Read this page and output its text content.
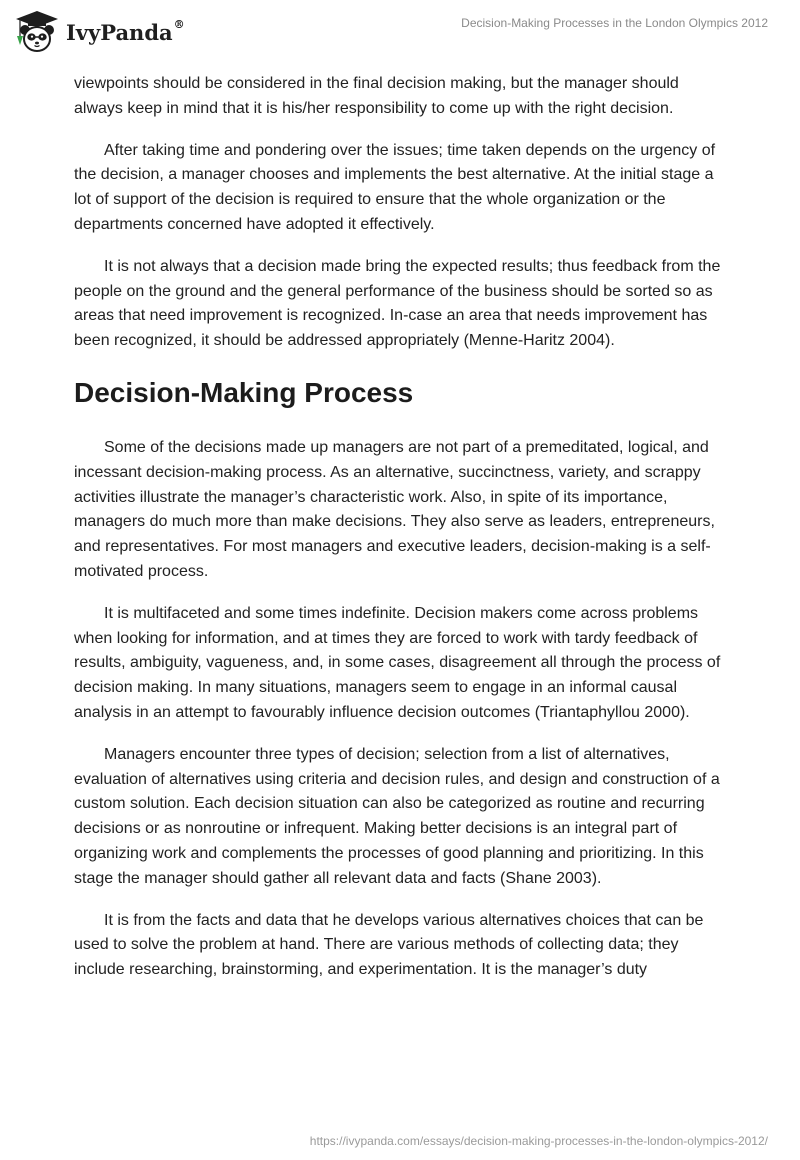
IvyPanda®	Decision-Making Processes in the London Olympics 2012

viewpoints should be considered in the final decision making, but the manager should always keep in mind that it is his/her responsibility to come up with the right decision.

After taking time and pondering over the issues; time taken depends on the urgency of the decision, a manager chooses and implements the best alternative. At the initial stage a lot of support of the decision is required to ensure that the whole organization or the departments concerned have adopted it effectively.

It is not always that a decision made bring the expected results; thus feedback from the people on the ground and the general performance of the business should be sorted so as areas that need improvement is recognized. In-case an area that needs improvement has been recognized, it should be addressed appropriately (Menne-Haritz 2004).

Decision-Making Process

Some of the decisions made up managers are not part of a premeditated, logical, and incessant decision-making process. As an alternative, succinctness, variety, and scrappy activities illustrate the manager’s characteristic work. Also, in spite of its importance, managers do much more than make decisions. They also serve as leaders, entrepreneurs, and representatives. For most managers and executive leaders, decision-making is a self-motivated process.

It is multifaceted and some times indefinite. Decision makers come across problems when looking for information, and at times they are forced to work with tardy feedback of results, ambiguity, vagueness, and, in some cases, disagreement all through the process of decision making. In many situations, managers seem to engage in an informal causal analysis in an attempt to favourably influence decision outcomes (Triantaphyllou 2000).

Managers encounter three types of decision; selection from a list of alternatives, evaluation of alternatives using criteria and decision rules, and design and construction of a custom solution. Each decision situation can also be categorized as routine and recurring decisions or as nonroutine or infrequent. Making better decisions is an integral part of organizing work and complements the processes of good planning and prioritizing. In this stage the manager should gather all relevant data and facts (Shane 2003).

It is from the facts and data that he develops various alternatives choices that can be used to solve the problem at hand. There are various methods of collecting data; they include researching, brainstorming, and experimentation. It is the manager’s duty

https://ivypanda.com/essays/decision-making-processes-in-the-london-olympics-2012/
